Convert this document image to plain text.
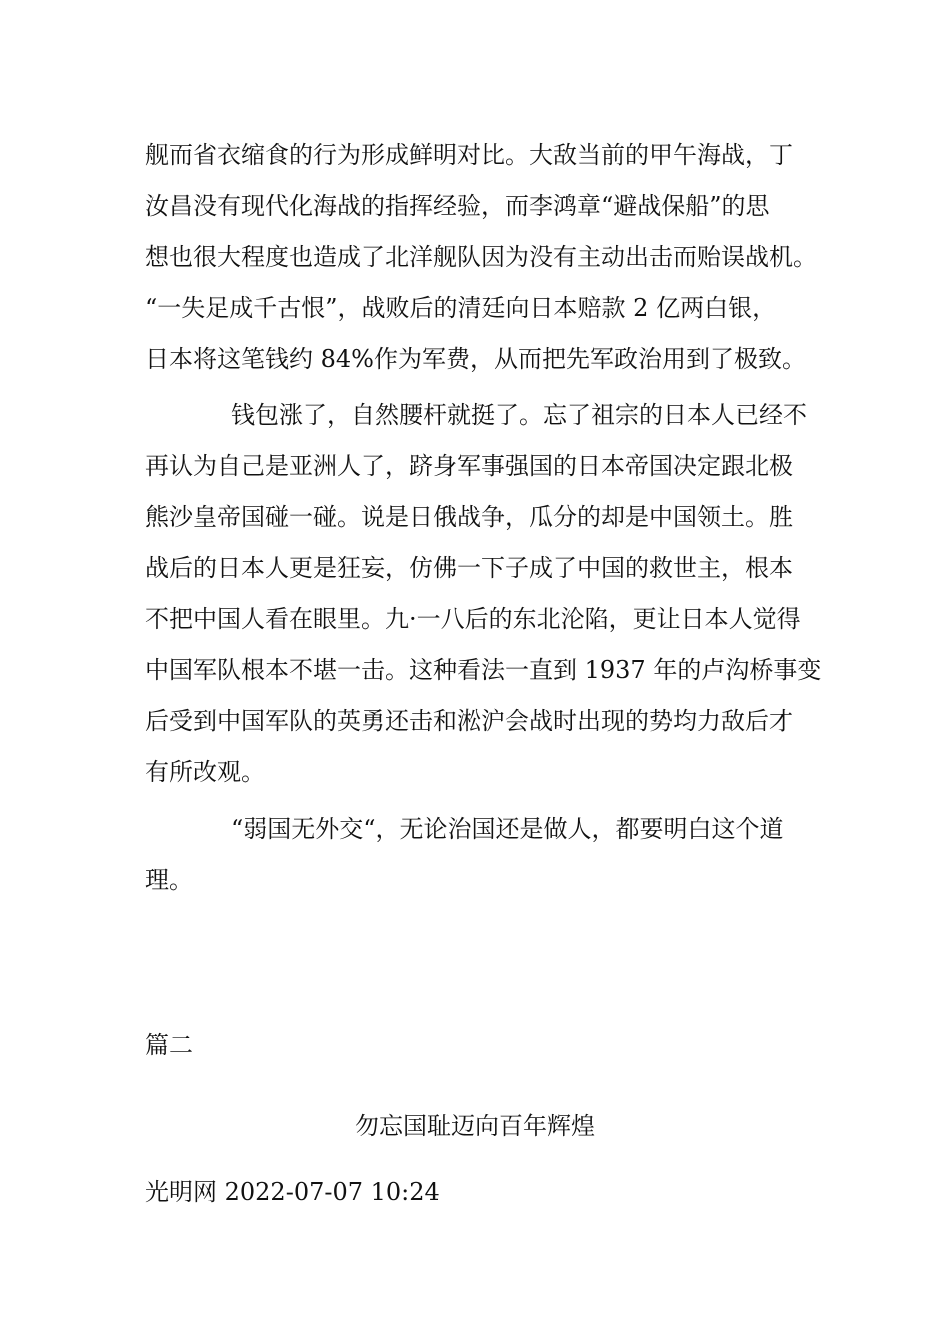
舰而省衣缩食的行为形成鲜明对比。大敌当前的甲午海战，丁
汝昌没有现代化海战的指挥经验，而李鸿章“避战保船”的思
想也很大程度也造成了北洋舰队因为没有主动出击而贻误战机。
“一失足成千古恨”，战败后的清廷向日本赔款 2 亿两白银，
日本将这笔钱约 84%作为军费，从而把先军政治用到了极致。
钱包涨了，自然腰杆就挺了。忘了祖宗的日本人已经不
再认为自己是亚洲人了，跻身军事强国的日本帝国决定跟北极
熊沙皇帝国碰一碰。说是日俄战争，瓜分的却是中国领土。胜
战后的日本人更是狂妄，仿佛一下子成了中国的救世主，根本
不把中国人看在眼里。九·一八后的东北沦陷，更让日本人觉得
中国军队根本不堪一击。这种看法一直到 1937 年的卢沟桥事变
后受到中国军队的英勇还击和淞沪会战时出现的势均力敌后才
有所改观。
“弱国无外交“，无论治国还是做人，都要明白这个道
理。
篇二
勿忘国耻迈向百年辉煌
光明网 2022-07-07 10:24
